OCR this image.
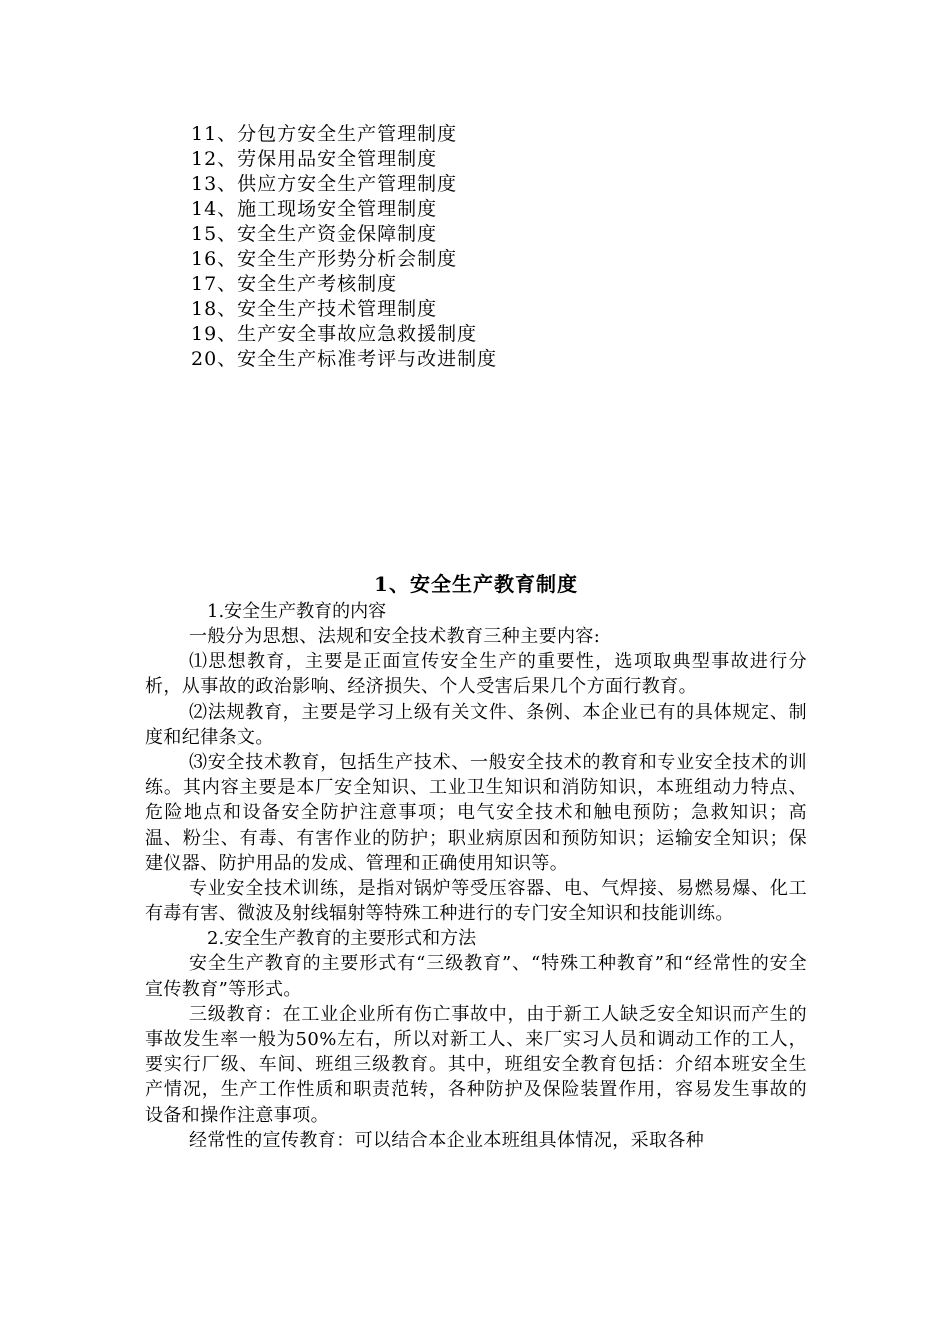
11、分包方安全生产管理制度
12、劳保用品安全管理制度
13、供应方安全生产管理制度
14、施工现场安全管理制度
15、安全生产资金保障制度
16、安全生产形势分析会制度
17、安全生产考核制度
18、安全生产技术管理制度
19、生产安全事故应急救援制度
20、安全生产标准考评与改进制度
1、安全生产教育制度

1.安全生产教育的内容

一般分为思想、法规和安全技术教育三种主要内容:

⑴思想教育，主要是正面宣传安全生产的重要性，选项取典型事故进行分析，从事故的政治影响、经济损失、个人受害后果几个方面行教育。

⑵法规教育，主要是学习上级有关文件、条例、本企业已有的具体规定、制度和纪律条文。

⑶安全技术教育，包括生产技术、一般安全技术的教育和专业安全技术的训练。其内容主要是本厂安全知识、工业卫生知识和消防知识，本班组动力特点、危险地点和设备安全防护注意事项；电气安全技术和触电预防；急救知识；高温、粉尘、有毒、有害作业的防护；职业病原因和预防知识；运输安全知识；保建仪器、防护用品的发成、管理和正确使用知识等。

专业安全技术训练，是指对锅炉等受压容器、电、气焊接、易燃易爆、化工有毒有害、微波及射线辐射等特殊工种进行的专门安全知识和技能训练。

2.安全生产教育的主要形式和方法

安全生产教育的主要形式有“三级教育”、“特殊工种教育”和“经常性的安全宣传教育”等形式。

三级教育：在工业企业所有伤亡事故中，由于新工人缺乏安全知识而产生的事故发生率一般为50%左右，所以对新工人、来厂实习人员和调动工作的工人，要实行厂级、车间、班组三级教育。其中，班组安全教育包括：介绍本班安全生产情况，生产工作性质和职责范转，各种防护及保险装置作用，容易发生事故的设备和操作注意事项。

经常性的宣传教育：可以结合本企业本班组具体情况，采取各种
